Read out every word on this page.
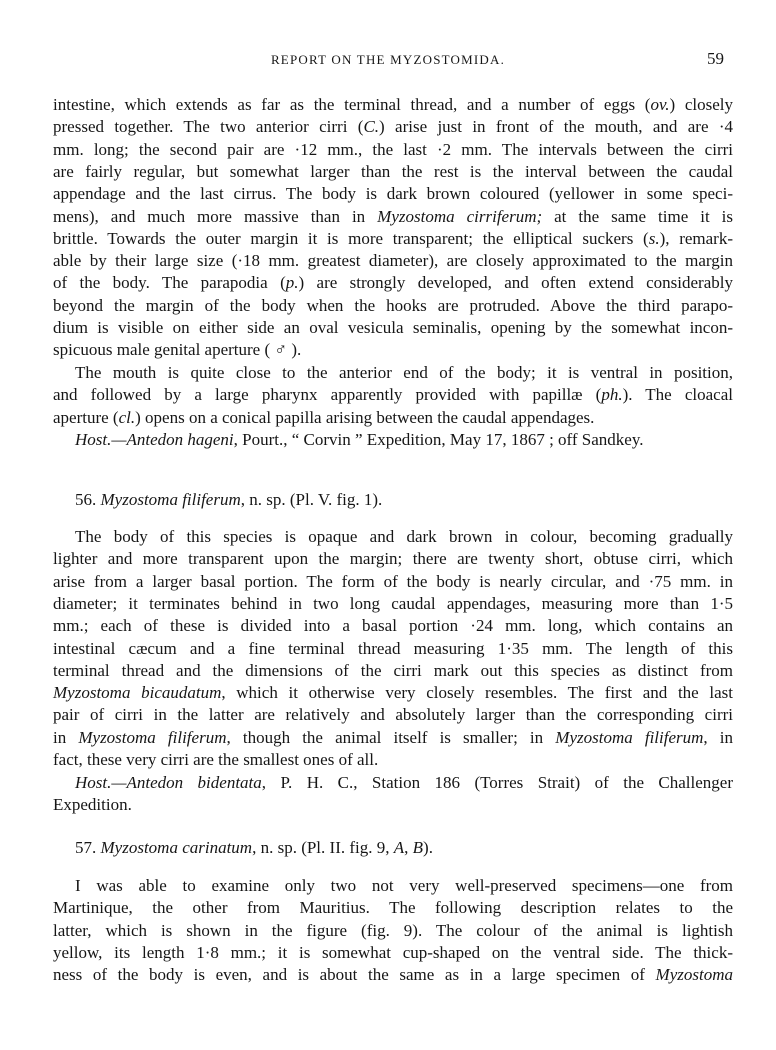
REPORT ON THE MYZOSTOMIDA.	59
intestine, which extends as far as the terminal thread, and a number of eggs (ov.) closely
pressed together. The two anterior cirri (C.) arise just in front of the mouth, and are ·4
mm. long; the second pair are ·12 mm., the last ·2 mm. The intervals between the cirri
are fairly regular, but somewhat larger than the rest is the interval between the caudal
appendage and the last cirrus. The body is dark brown coloured (yellower in some speci-
mens), and much more massive than in Myzostoma cirriferum; at the same time it is
brittle. Towards the outer margin it is more transparent; the elliptical suckers (s.), remark-
able by their large size (·18 mm. greatest diameter), are closely approximated to the margin
of the body. The parapodia (p.) are strongly developed, and often extend considerably
beyond the margin of the body when the hooks are protruded. Above the third parapo-
dium is visible on either side an oval vesicula seminalis, opening by the somewhat incon-
spicuous male genital aperture ( ♂ ).
The mouth is quite close to the anterior end of the body; it is ventral in position,
and followed by a large pharynx apparently provided with papillæ (ph.). The cloacal
aperture (cl.) opens on a conical papilla arising between the caudal appendages.
Host.—Antedon hageni, Pourt., “ Corvin ” Expedition, May 17, 1867 ; off Sandkey.
56. Myzostoma filiferum, n. sp. (Pl. V. fig. 1).
The body of this species is opaque and dark brown in colour, becoming gradually
lighter and more transparent upon the margin; there are twenty short, obtuse cirri, which
arise from a larger basal portion. The form of the body is nearly circular, and ·75 mm. in
diameter; it terminates behind in two long caudal appendages, measuring more than 1·5
mm.; each of these is divided into a basal portion ·24 mm. long, which contains an
intestinal cæcum and a fine terminal thread measuring 1·35 mm. The length of this
terminal thread and the dimensions of the cirri mark out this species as distinct from
Myzostoma bicaudatum, which it otherwise very closely resembles. The first and the last
pair of cirri in the latter are relatively and absolutely larger than the corresponding cirri
in Myzostoma filiferum, though the animal itself is smaller; in Myzostoma filiferum, in
fact, these very cirri are the smallest ones of all.
Host.—Antedon bidentata, P. H. C., Station 186 (Torres Strait) of the Challenger
Expedition.
57. Myzostoma carinatum, n. sp. (Pl. II. fig. 9, A, B).
I was able to examine only two not very well-preserved specimens—one from
Martinique, the other from Mauritius. The following description relates to the
latter, which is shown in the figure (fig. 9). The colour of the animal is lightish
yellow, its length 1·8 mm.; it is somewhat cup-shaped on the ventral side. The thick-
ness of the body is even, and is about the same as in a large specimen of Myzostoma
